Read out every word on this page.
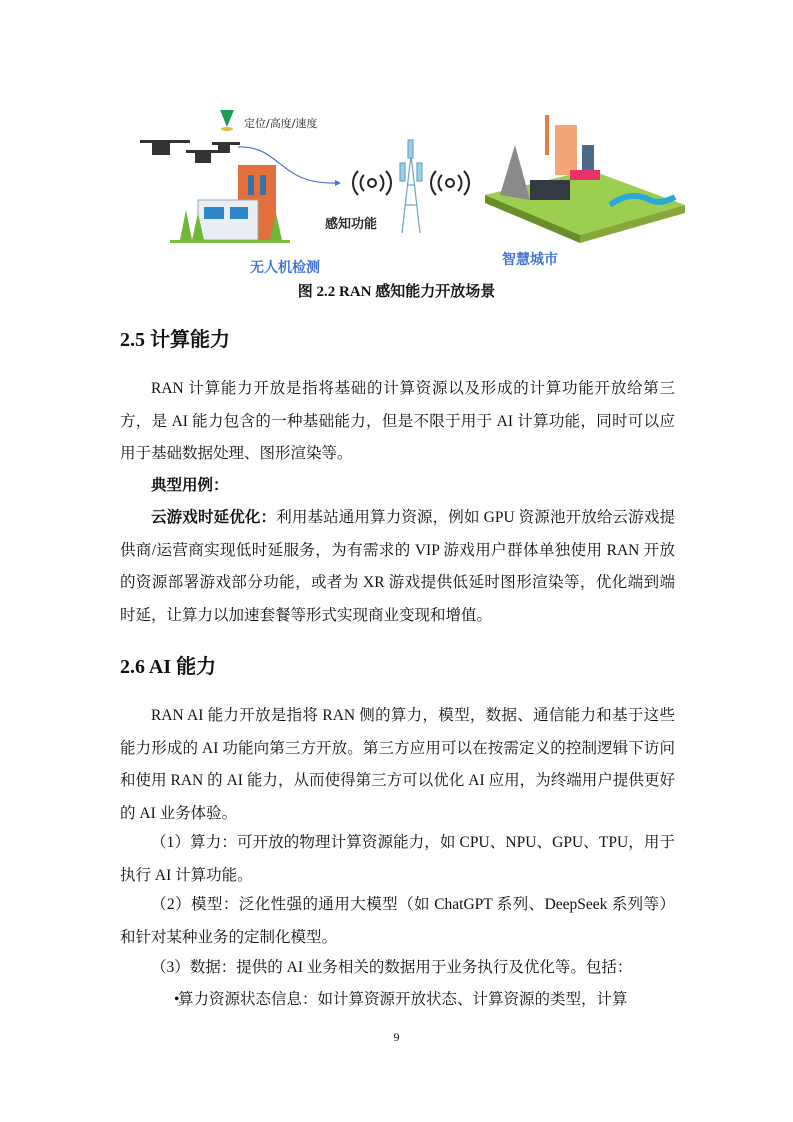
定位/高度/速度
感知功能
无人机检测	智慧城市
图 2.2 RAN 感知能力开放场景
2.5 计算能力
RAN 计算能力开放是指将基础的计算资源以及形成的计算功能开放给第三方，是 AI 能力包含的一种基础能力，但是不限于用于 AI 计算功能，同时可以应用于基础数据处理、图形渲染等。
典型用例：
云游戏时延优化：利用基站通用算力资源，例如 GPU 资源池开放给云游戏提供商/运营商实现低时延服务，为有需求的 VIP 游戏用户群体单独使用 RAN 开放的资源部署游戏部分功能，或者为 XR 游戏提供低延时图形渲染等，优化端到端时延，让算力以加速套餐等形式实现商业变现和增值。
2.6 AI 能力
RAN AI 能力开放是指将 RAN 侧的算力，模型，数据、通信能力和基于这些能力形成的 AI 功能向第三方开放。第三方应用可以在按需定义的控制逻辑下访问和使用 RAN 的 AI 能力，从而使得第三方可以优化 AI 应用，为终端用户提供更好的 AI 业务体验。
（1）算力：可开放的物理计算资源能力，如 CPU、NPU、GPU、TPU，用于执行 AI 计算功能。
（2）模型：泛化性强的通用大模型（如 ChatGPT 系列、DeepSeek 系列等）和针对某种业务的定制化模型。
（3）数据：提供的 AI 业务相关的数据用于业务执行及优化等。包括：
•算力资源状态信息：如计算资源开放状态、计算资源的类型，计算
9
